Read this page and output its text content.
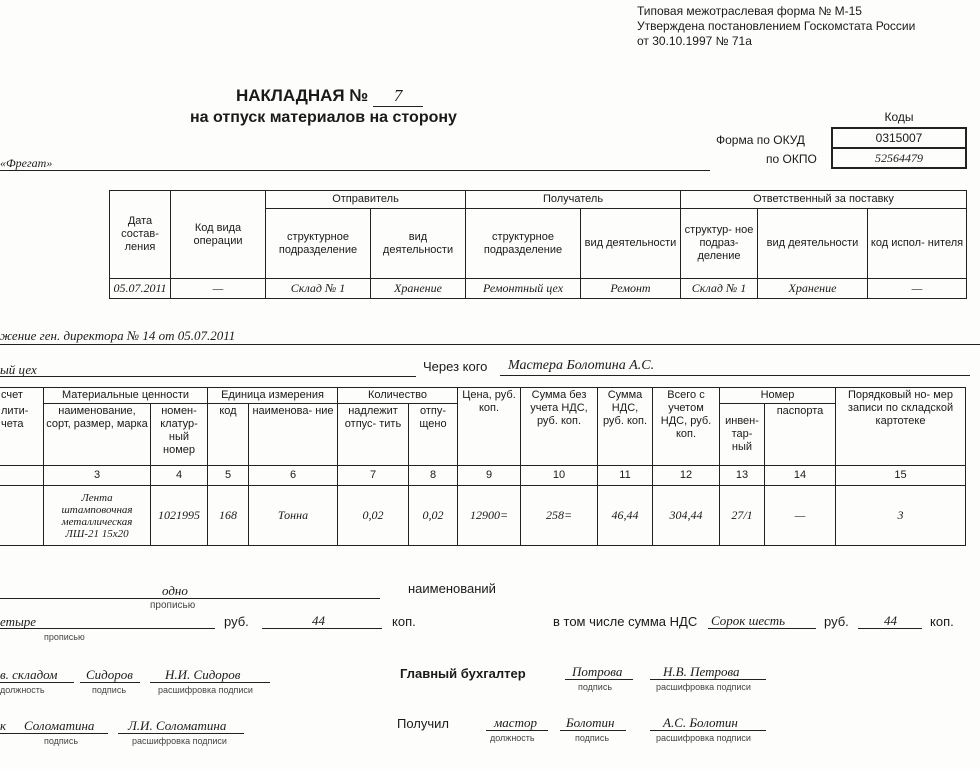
Типовая межотраслевая форма № М-15
Утверждена постановлением Госкомстата России
от 30.10.1997 № 71а
НАКЛАДНАЯ № 7
на отпуск материалов на сторону
Форма по ОКУД
по ОКПО
Коды
0315007
52564479
«Фрегат»
Дата состав- ления	Код вида операции	Отправитель		Получатель		Ответственный за поставку		
		структурное подразделение	вид деятельности	структурное подразделение	вид деятельности	структур- ное подраз- деление	вид деятельности	код испол- нителя
05.07.2011	—	Склад № 1	Хранение	Ремонтный цех	Ремонт	Склад № 1	Хранение	—
жение ген. директора № 14 от 05.07.2011
ый цех	Через кого Мастера Болотина А.С.
счет	Материальные ценности		Единица измерения		Количество		Цена, руб. коп.	Сумма без учета НДС, руб. коп.	Сумма НДС, руб. коп.	Всего с учетом НДС, руб. коп.	Номер		Порядковый но- мер записи по складской картотеке
лити- чета	наименование, сорт, размер, марка	номен- клатур- ный номер	код	наименова- ние	надлежит отпус- тить	отпу- щено					инвен- тар- ный	паспорта	
	3	4	5	6	7	8	9	10	11	12	13	14	15
	Лента штамповочная металлическая ЛШ-21 15х20	1021995	168	Тонна	0,02	0,02	12900=	258=	46,44	304,44	27/1	—	3
одно
прописью
наименований
етыре
прописью
руб.	44	коп.	в том числе сумма НДС Сорок шесть	руб.	44	коп.
в. складом
должность
Сидоров
подпись
Н.И. Сидоров
расшифровка подписи
Главный бухгалтер	Потрова
подпись
Н.В. Петрова
расшифровка подписи
к Соломатина
подпись
Л.И. Соломатина
расшифровка подписи
Получил	мастор
должность
Болотин
подпись
А.С. Болотин
расшифровка подписи
